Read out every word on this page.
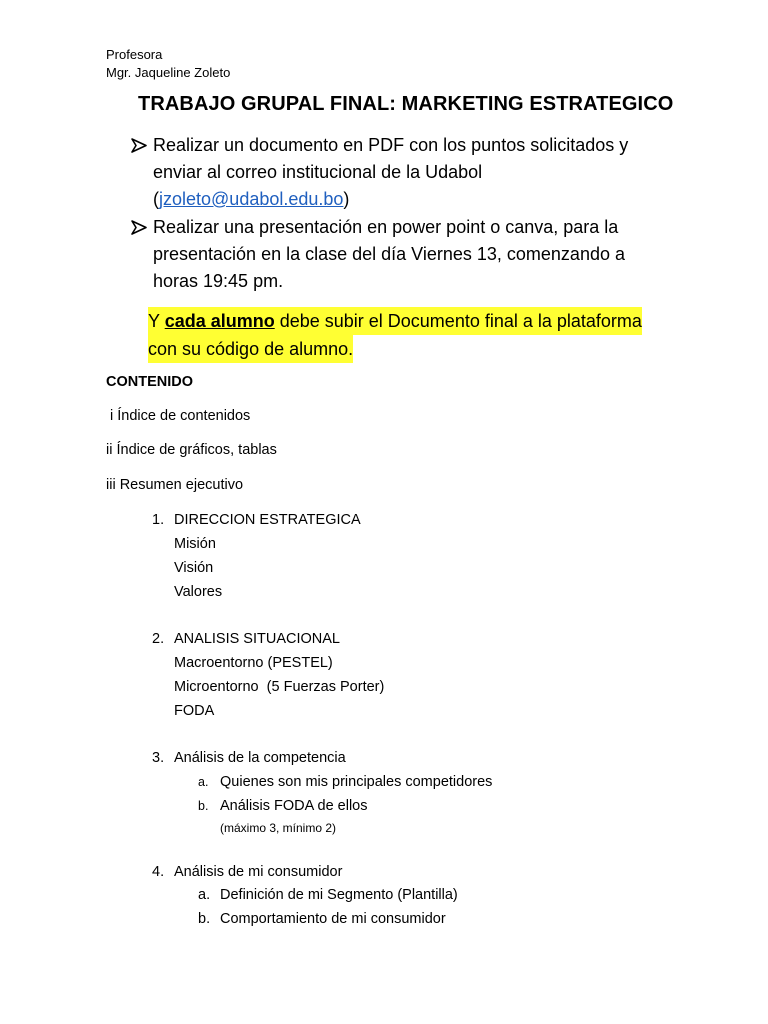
Profesora
Mgr. Jaqueline Zoleto
TRABAJO GRUPAL FINAL: MARKETING ESTRATEGICO
Realizar un documento en PDF con los puntos solicitados y
enviar al correo institucional de la Udabol
(jzoleto@udabol.edu.bo)
Realizar una presentación en power point o canva, para la
presentación en la clase del día Viernes 13, comenzando a
horas 19:45 pm.
Y cada alumno debe subir el Documento final a la plataforma
con su código de alumno.
CONTENIDO
i Índice de contenidos
ii Índice de gráficos, tablas
iii Resumen ejecutivo
1. DIRECCION ESTRATEGICA
Misión
Visión
Valores
2. ANALISIS SITUACIONAL
Macroentorno (PESTEL)
Microentorno  (5 Fuerzas Porter)
FODA
3. Análisis de la competencia
a. Quienes son mis principales competidores
b. Análisis FODA de ellos
(máximo 3, mínimo 2)
4. Análisis de mi consumidor
a. Definición de mi Segmento (Plantilla)
b. Comportamiento de mi consumidor
